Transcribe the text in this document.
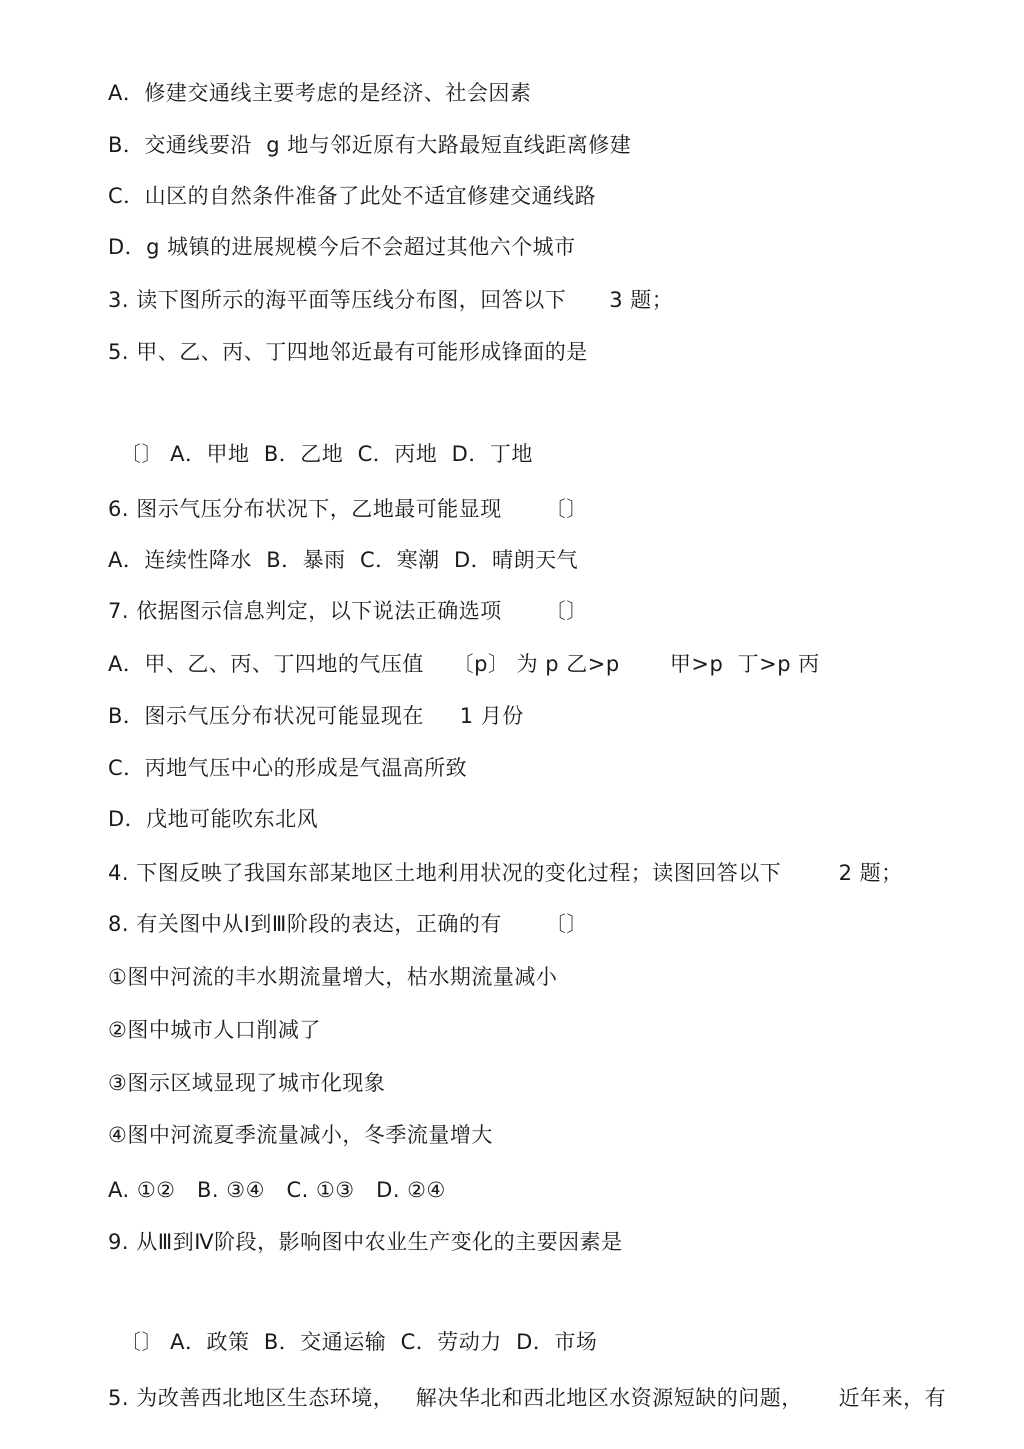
A．修建交通线主要考虑的是经济、社会因素
B．交通线要沿  g 地与邻近原有大路最短直线距离修建
C．山区的自然条件准备了此处不适宜修建交通线路
D．g 城镇的进展规模今后不会超过其他六个城市
3. 读下图所示的海平面等压线分布图，回答以下      3 题；
5. 甲、乙、丙、丁四地邻近最有可能形成锋面的是
〔〕 A．甲地  B．乙地  C．丙地  D．丁地
6. 图示气压分布状况下，乙地最可能显现      〔〕
A．连续性降水  B．暴雨  C．寒潮  D．晴朗天气
7. 依据图示信息判定，以下说法正确选项      〔〕
A．甲、乙、丙、丁四地的气压值    〔p〕 为 p 乙>p       甲>p  丁>p 丙
B．图示气压分布状况可能显现在     1 月份
C．丙地气压中心的形成是气温高所致
D．戊地可能吹东北风
4. 下图反映了我国东部某地区土地利用状况的变化过程；读图回答以下        2 题；
8. 有关图中从Ⅰ到Ⅲ阶段的表达，正确的有      〔〕
①图中河流的丰水期流量增大，枯水期流量减小
②图中城市人口削减了
③图示区域显现了城市化现象
④图中河流夏季流量减小，冬季流量增大
A. ①②   B. ③④   C. ①③   D. ②④
9. 从Ⅲ到Ⅳ阶段，影响图中农业生产变化的主要因素是
〔〕 A．政策  B．交通运输  C．劳动力  D．市场
5. 为改善西北地区生态环境，   解决华北和西北地区水资源短缺的问题，     近年来，有
